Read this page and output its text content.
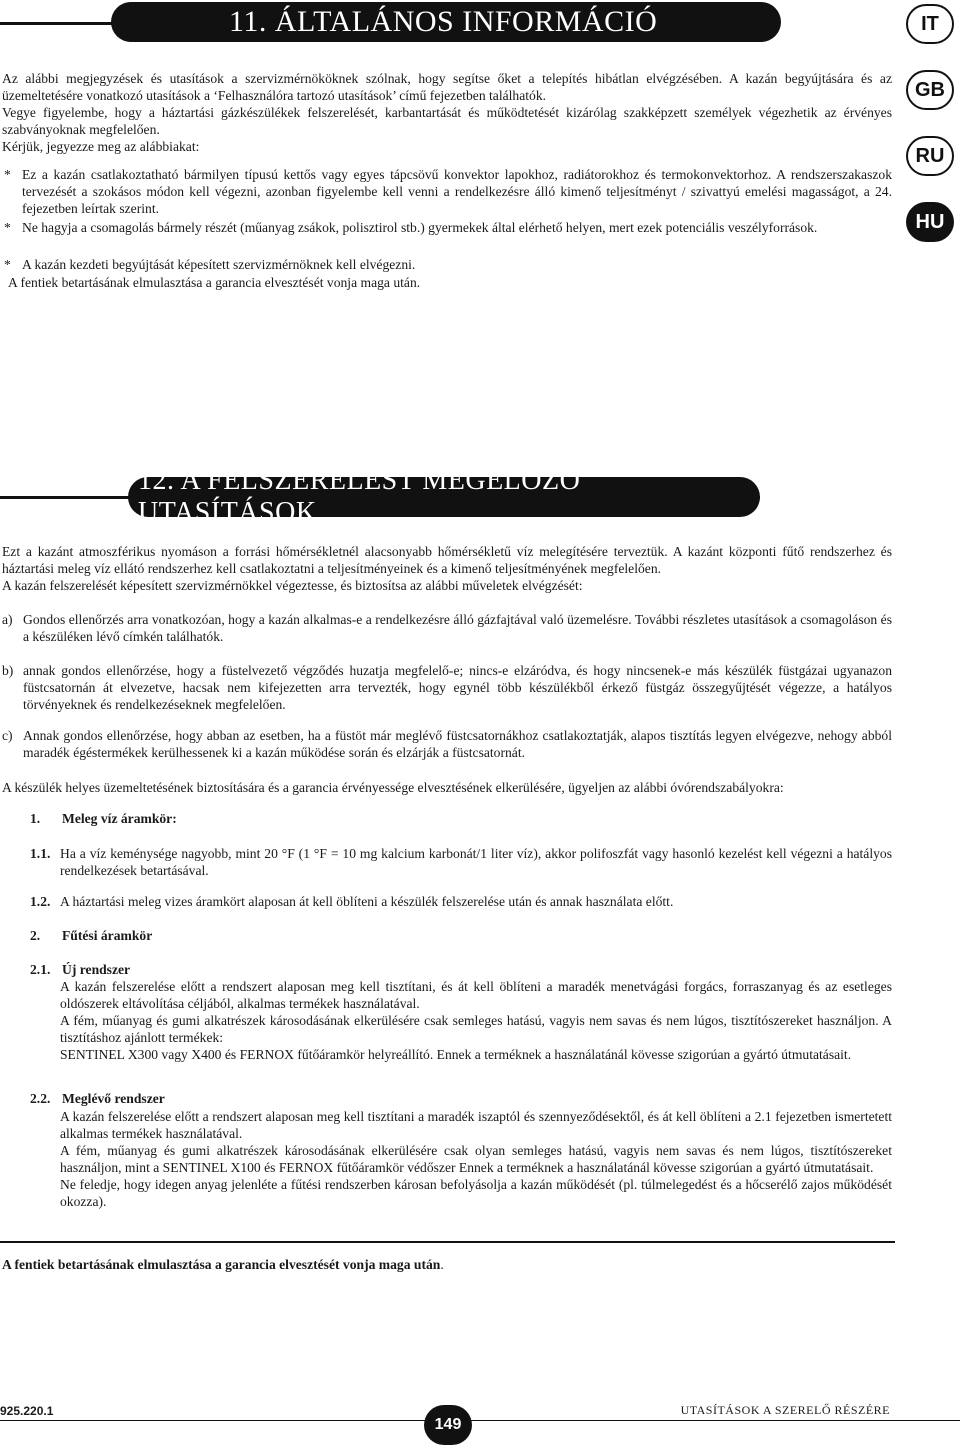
11. ÁLTALÁNOS INFORMÁCIÓ	IT
GB
RU
HU

Az alábbi megjegyzések és utasítások a szervizmérnököknek szólnak, hogy segítse őket a telepítés hibátlan elvégzésében. A kazán begyújtására és az üzemeltetésére vonatkozó utasítások a ‘Felhasználóra tartozó utasítások’ című fejezetben találhatók.

Vegye figyelembe, hogy a háztartási gázkészülékek felszerelését, karbantartását és működtetését kizárólag szakképzett személyek végezhetik az érvényes szabványoknak megfelelően.

Kérjük, jegyezze meg az alábbiakat:

* Ez a kazán csatlakoztatható bármilyen típusú kettős vagy egyes tápcsövű konvektor lapokhoz, radiátorokhoz és termokonvektorhoz. A rendszerszakaszok tervezését a szokásos módon kell végezni, azonban figyelembe kell venni a rendelkezésre álló kimenő teljesítményt / szivattyú emelési magasságot, a 24. fejezetben leírtak szerint.
* Ne hagyja a csomagolás bármely részét (műanyag zsákok, polisztirol stb.) gyermekek által elérhető helyen, mert ezek potenciális veszélyforrások.
* A kazán kezdeti begyújtását képesített szervizmérnöknek kell elvégezni.
A fentiek betartásának elmulasztása a garancia elvesztését vonja maga után.
12. A FELSZERELÉST MEGELŐZŐ UTASÍTÁSOK

Ezt a kazánt atmoszférikus nyomáson a forrási hőmérsékletnél alacsonyabb hőmérsékletű víz melegítésére terveztük. A kazánt központi fűtő rendszerhez és háztartási meleg víz ellátó rendszerhez kell csatlakoztatni a teljesítményeinek és a kimenő teljesítményének megfelelően.

A kazán felszerelését képesített szervizmérnökkel végeztesse, és biztosítsa az alábbi műveletek elvégzését:

a) Gondos ellenőrzés arra vonatkozóan, hogy a kazán alkalmas-e a rendelkezésre álló gázfajtával való üzemelésre. További részletes utasítások a csomagoláson és a készüléken lévő címkén találhatók.
b) annak gondos ellenőrzése, hogy a füstelvezető végződés huzatja megfelelő-e; nincs-e elzáródva, és hogy nincsenek-e más készülék füstgázai ugyanazon füstcsatornán át elvezetve, hacsak nem kifejezetten arra tervezték, hogy egynél több készülékből érkező füstgáz összegyűjtését végezze, a hatályos törvényeknek és rendelkezéseknek megfelelően.
c) Annak gondos ellenőrzése, hogy abban az esetben, ha a füstöt már meglévő füstcsatornákhoz csatlakoztatják, alapos tisztítás legyen elvégezve, nehogy abból maradék égéstermékek kerülhessenek ki a kazán működése során és elzárják a füstcsatornát.
A készülék helyes üzemeltetésének biztosítására és a garancia érvényessége elvesztésének elkerülésére, ügyeljen az alábbi óvórendszabályokra:
1. Meleg víz áramkör:
1.1. Ha a víz keménysége nagyobb, mint 20 °F (1 °F = 10 mg kalcium karbonát/1 liter víz), akkor polifoszfát vagy hasonló kezelést kell végezni a hatályos rendelkezések betartásával.
1.2. A háztartási meleg vizes áramkört alaposan át kell öblíteni a készülék felszerelése után és annak használata előtt.
2. Fűtési áramkör
2.1. Új rendszer

A kazán felszerelése előtt a rendszert alaposan meg kell tisztítani, és át kell öblíteni a maradék menetvágási forgács, forraszanyag és az esetleges oldószerek eltávolítása céljából, alkalmas termékek használatával.

A fém, műanyag és gumi alkatrészek károsodásának elkerülésére csak semleges hatású, vagyis nem savas és nem lúgos, tisztítószereket használjon. A tisztításhoz ajánlott termékek:

SENTINEL X300 vagy X400 és FERNOX fűtőáramkör helyreállító. Ennek a terméknek a használatánál kövesse szigorúan a gyártó útmutatásait.

2.2. Meglévő rendszer

A kazán felszerelése előtt a rendszert alaposan meg kell tisztítani a maradék iszaptól és szennyeződésektől, és át kell öblíteni a 2.1 fejezetben ismertetett alkalmas termékek használatával.

A fém, műanyag és gumi alkatrészek károsodásának elkerülésére csak olyan semleges hatású, vagyis nem savas és nem lúgos, tisztítószereket használjon, mint a SENTINEL X100 és FERNOX fűtőáramkör védőszer Ennek a terméknek a használatánál kövesse szigorúan a gyártó útmutatásait.

Ne feledje, hogy idegen anyag jelenléte a fűtési rendszerben károsan befolyásolja a kazán működését (pl. túlmelegedést és a hőcserélő zajos működését okozza).

A fentiek betartásának elmulasztása a garancia elvesztését vonja maga után.
925.220.1
149
UTASÍTÁSOK A SZERELŐ RÉSZÉRE
